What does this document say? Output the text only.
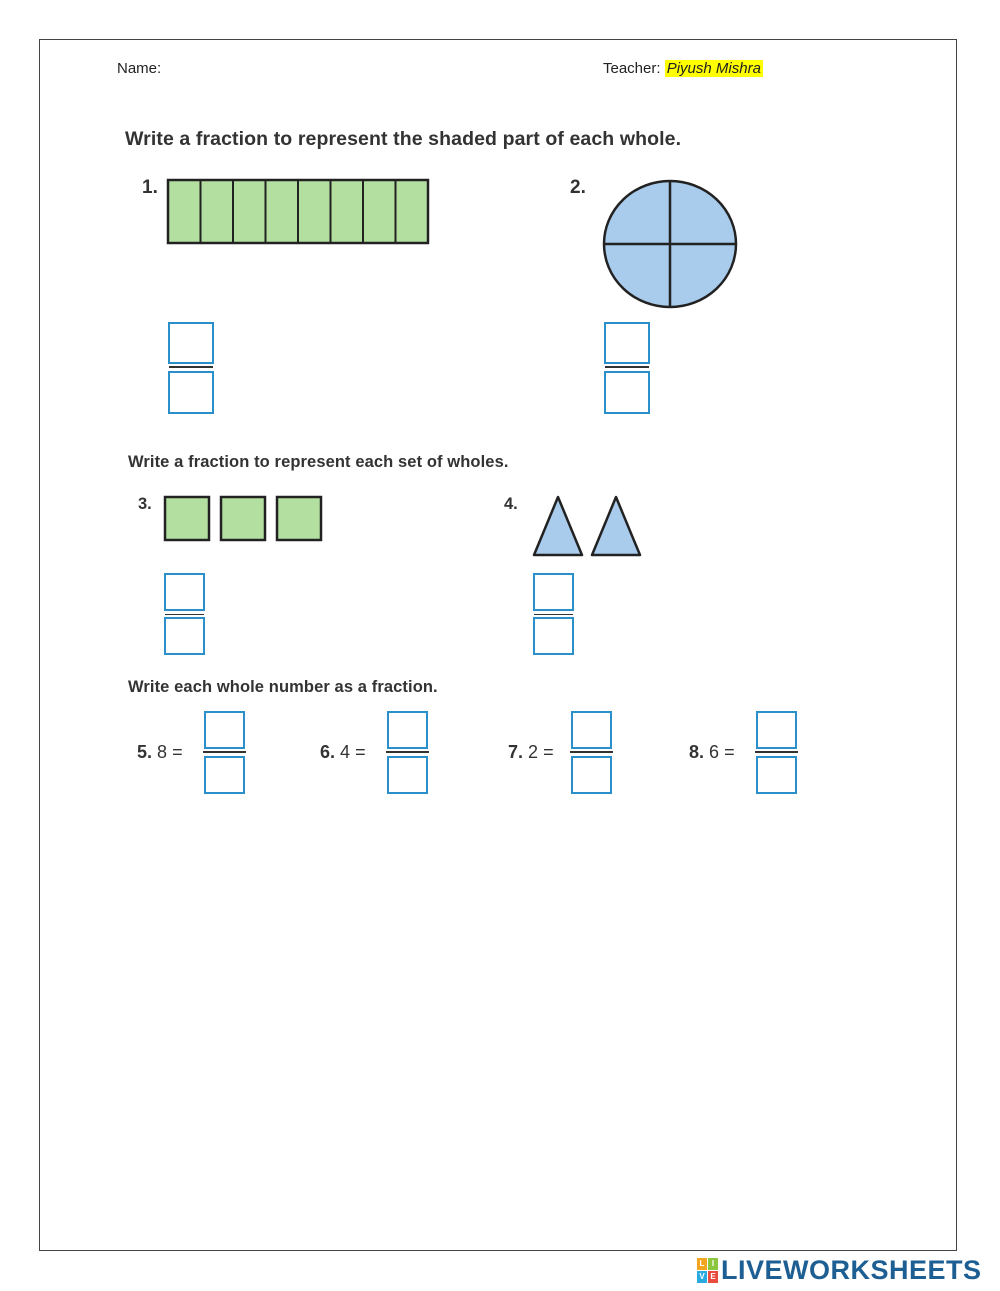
Name:	Teacher: Piyush Mishra
Write a fraction to represent the shaded part of each whole.
1.	2.
Write a fraction to represent each set of wholes.
3.	4.
Write each whole number as a fraction.
5. 8 =	6. 4 =	7. 2 =	8. 6 =
L I
V E LIVEWORKSHEETS
